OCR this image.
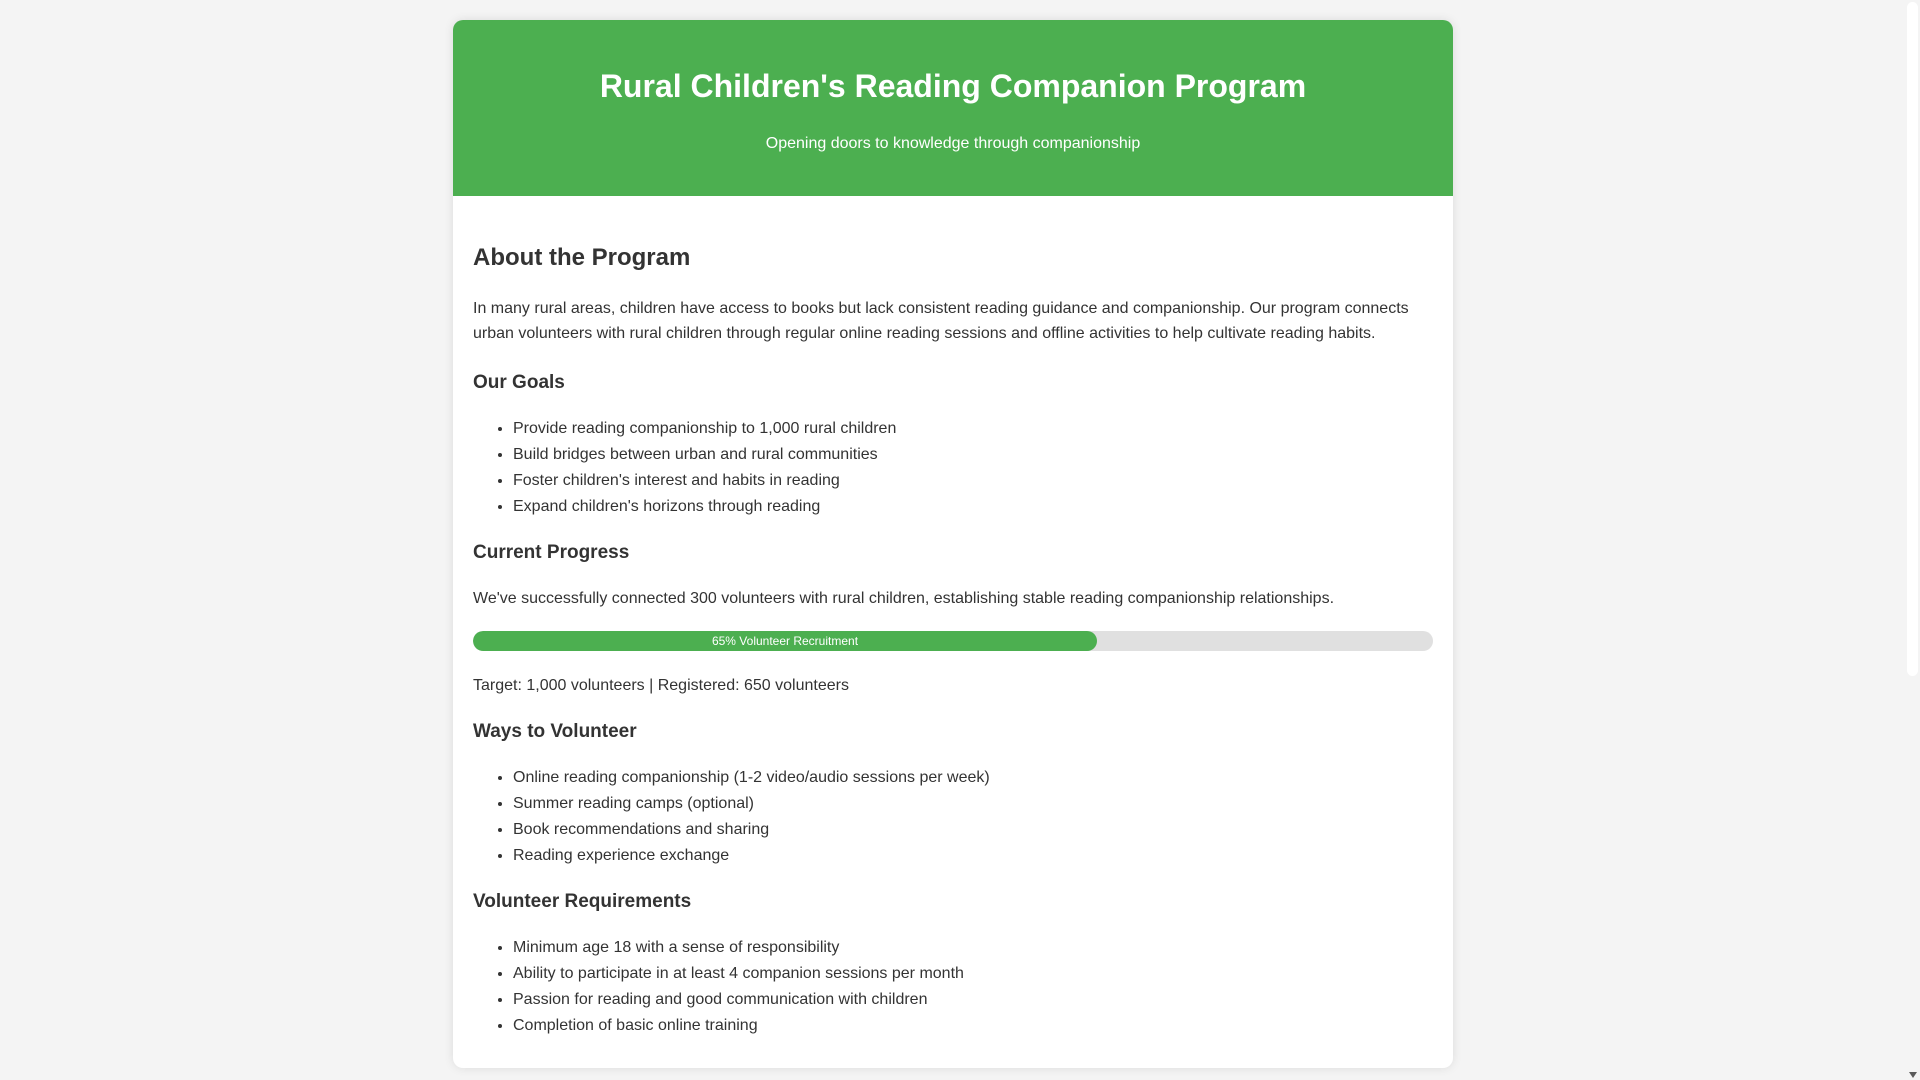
Rural Children's Reading Companion Program

Opening doors to knowledge through companionship

About the Program

In many rural areas, children have access to books but lack consistent reading guidance and companionship. Our program connects urban volunteers with rural children through regular online reading sessions and offline activities to help cultivate reading habits.

Our Goals
• Provide reading companionship to 1,000 rural children
• Build bridges between urban and rural communities
• Foster children's interest and habits in reading
• Expand children's horizons through reading
Current Progress

We've successfully connected 300 volunteers with rural children, establishing stable reading companionship relationships.

65% Volunteer Recruitment

Target: 1,000 volunteers | Registered: 650 volunteers

Ways to Volunteer
• Online reading companionship (1-2 video/audio sessions per week)
• Summer reading camps (optional)
• Book recommendations and sharing
• Reading experience exchange
Volunteer Requirements
• Minimum age 18 with a sense of responsibility
• Ability to participate in at least 4 companion sessions per month
• Passion for reading and good communication with children
• Completion of basic online training
